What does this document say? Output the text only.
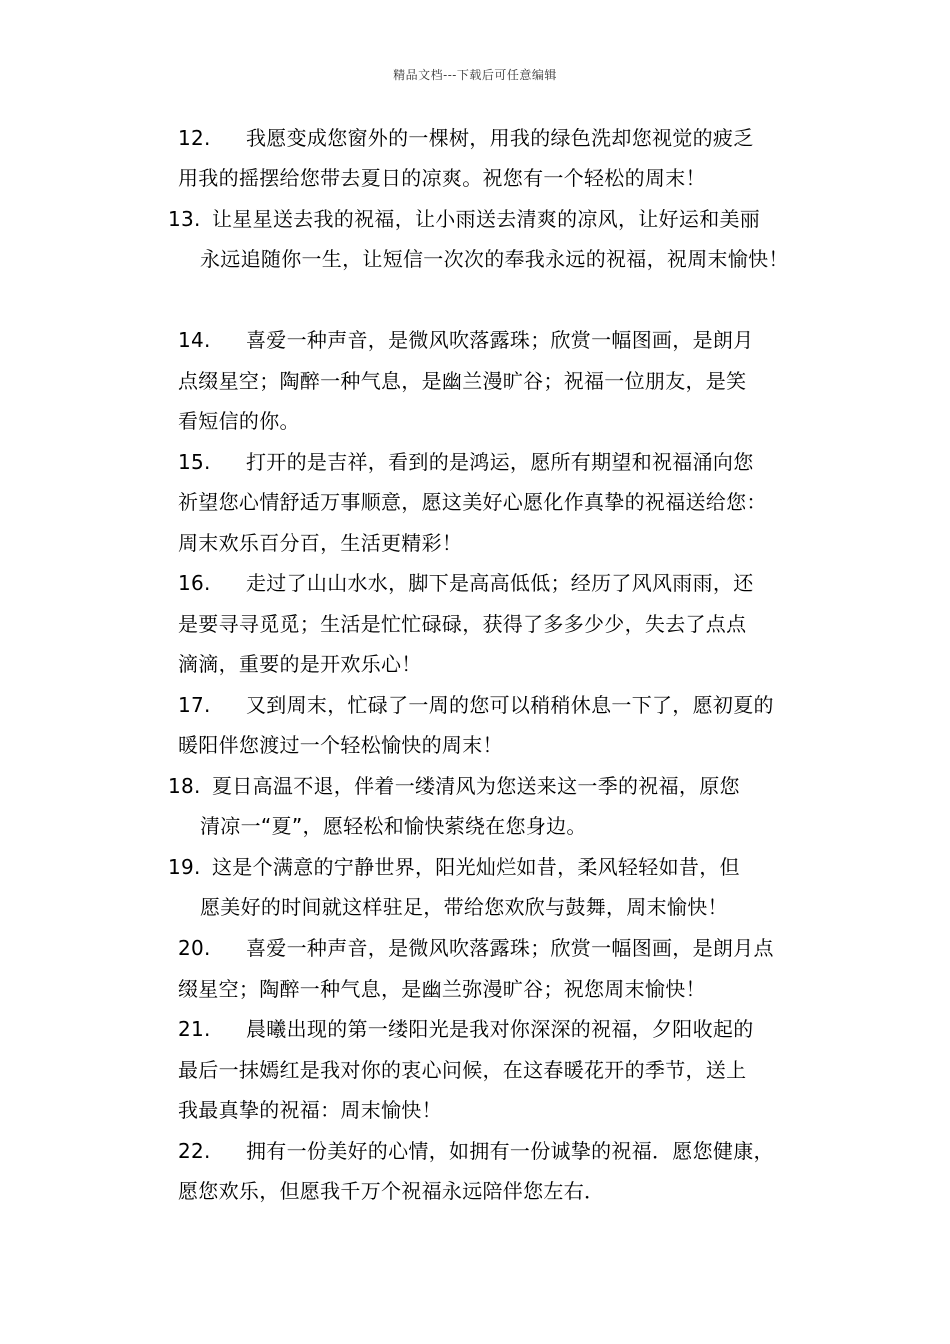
精品文档---下载后可任意编辑
12. 我愿变成您窗外的一棵树，用我的绿色洗却您视觉的疲乏
用我的摇摆给您带去夏日的凉爽。祝您有一个轻松的周末！
13. 让星星送去我的祝福，让小雨送去清爽的凉风，让好运和美丽
永远追随你一生，让短信一次次的奉我永远的祝福，祝周末愉快！
14. 喜爱一种声音，是微风吹落露珠；欣赏一幅图画，是朗月
点缀星空；陶醉一种气息，是幽兰漫旷谷；祝福一位朋友，是笑
看短信的你。
15. 打开的是吉祥，看到的是鸿运，愿所有期望和祝福涌向您
祈望您心情舒适万事顺意，愿这美好心愿化作真挚的祝福送给您：
周末欢乐百分百，生活更精彩！
16. 走过了山山水水，脚下是高高低低；经历了风风雨雨，还
是要寻寻觅觅；生活是忙忙碌碌，获得了多多少少，失去了点点
滴滴，重要的是开欢乐心！
17. 又到周末，忙碌了一周的您可以稍稍休息一下了，愿初夏的
暖阳伴您渡过一个轻松愉快的周末！
18. 夏日高温不退，伴着一缕清风为您送来这一季的祝福，原您
清凉一“夏”，愿轻松和愉快萦绕在您身边。
19. 这是个满意的宁静世界，阳光灿烂如昔，柔风轻轻如昔，但
愿美好的时间就这样驻足，带给您欢欣与鼓舞，周末愉快！
20. 喜爱一种声音，是微风吹落露珠；欣赏一幅图画，是朗月点
缀星空；陶醉一种气息，是幽兰弥漫旷谷；祝您周末愉快！
21. 晨曦出现的第一缕阳光是我对你深深的祝福，夕阳收起的
最后一抹嫣红是我对你的衷心问候，在这春暖花开的季节，送上
我最真挚的祝福：周末愉快！
22. 拥有一份美好的心情，如拥有一份诚挚的祝福．愿您健康，
愿您欢乐，但愿我千万个祝福永远陪伴您左右．
